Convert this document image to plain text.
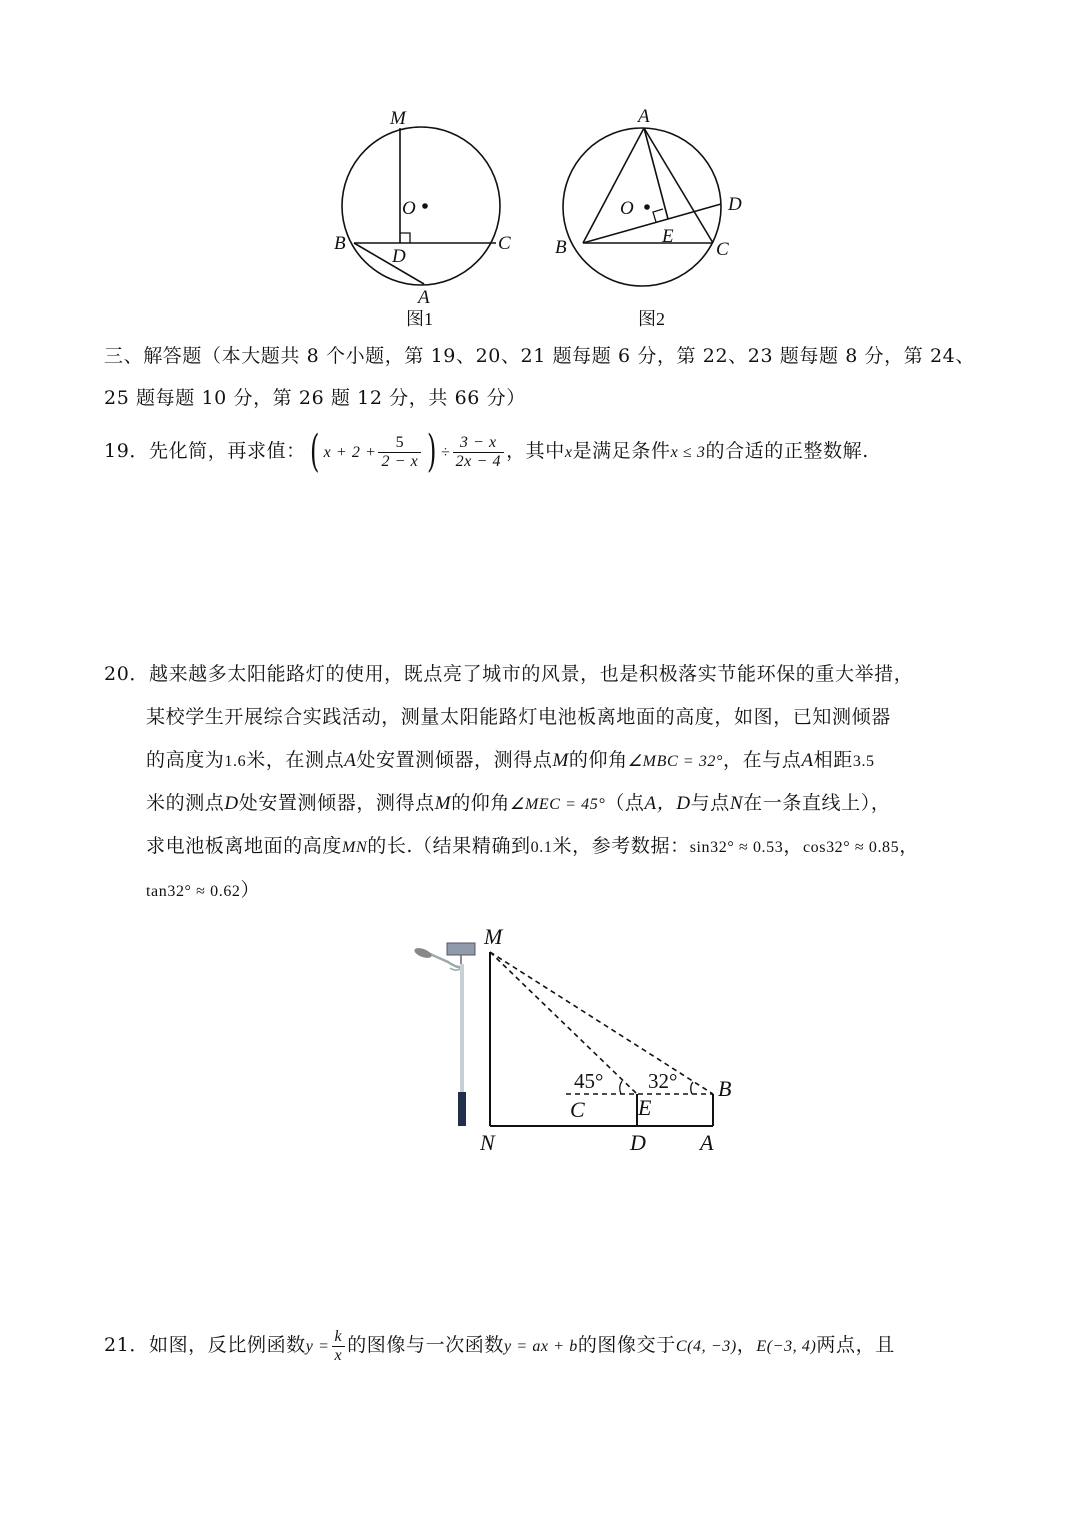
M
O
B
D
C
A
图1
A
O	D
E
B	C
图2
三、解答题（本大题共 8 个小题，第 19、20、21 题每题 6 分，第 22、23 题每题 8 分，第 24、
25 题每题 10 分，第 26 题 12 分，共 66 分）
19．先化简，再求值：( $x + 2 + \frac{5}{2 - x}$ ) ÷ $\frac{3 - x}{2x - 4}$ ，其中x是满足条件x ≤ 3的合适的正整数解.
20．越来越多太阳能路灯的使用，既点亮了城市的风景，也是积极落实节能环保的重大举措，
某校学生开展综合实践活动，测量太阳能路灯电池板离地面的高度，如图，已知测倾器
的高度为1.6米，在测点A处安置测倾器，测得点M的仰角∠MBC = 32°，在与点A相距3.5
米的测点D处安置测倾器，测得点M的仰角∠MEC = 45°（点A，D与点N在一条直线上），
求电池板离地面的高度MN的长.（结果精确到0.1米，参考数据：sin32° ≈ 0.53，cos32° ≈ 0.85，
tan32° ≈ 0.62）
M
N
C E
D A
B
45° 32°
21．如图，反比例函数$y = \frac{k}{x}$ 的图像与一次函数y = ax + b的图像交于C(4, −3)，E(−3, 4)两点，且
